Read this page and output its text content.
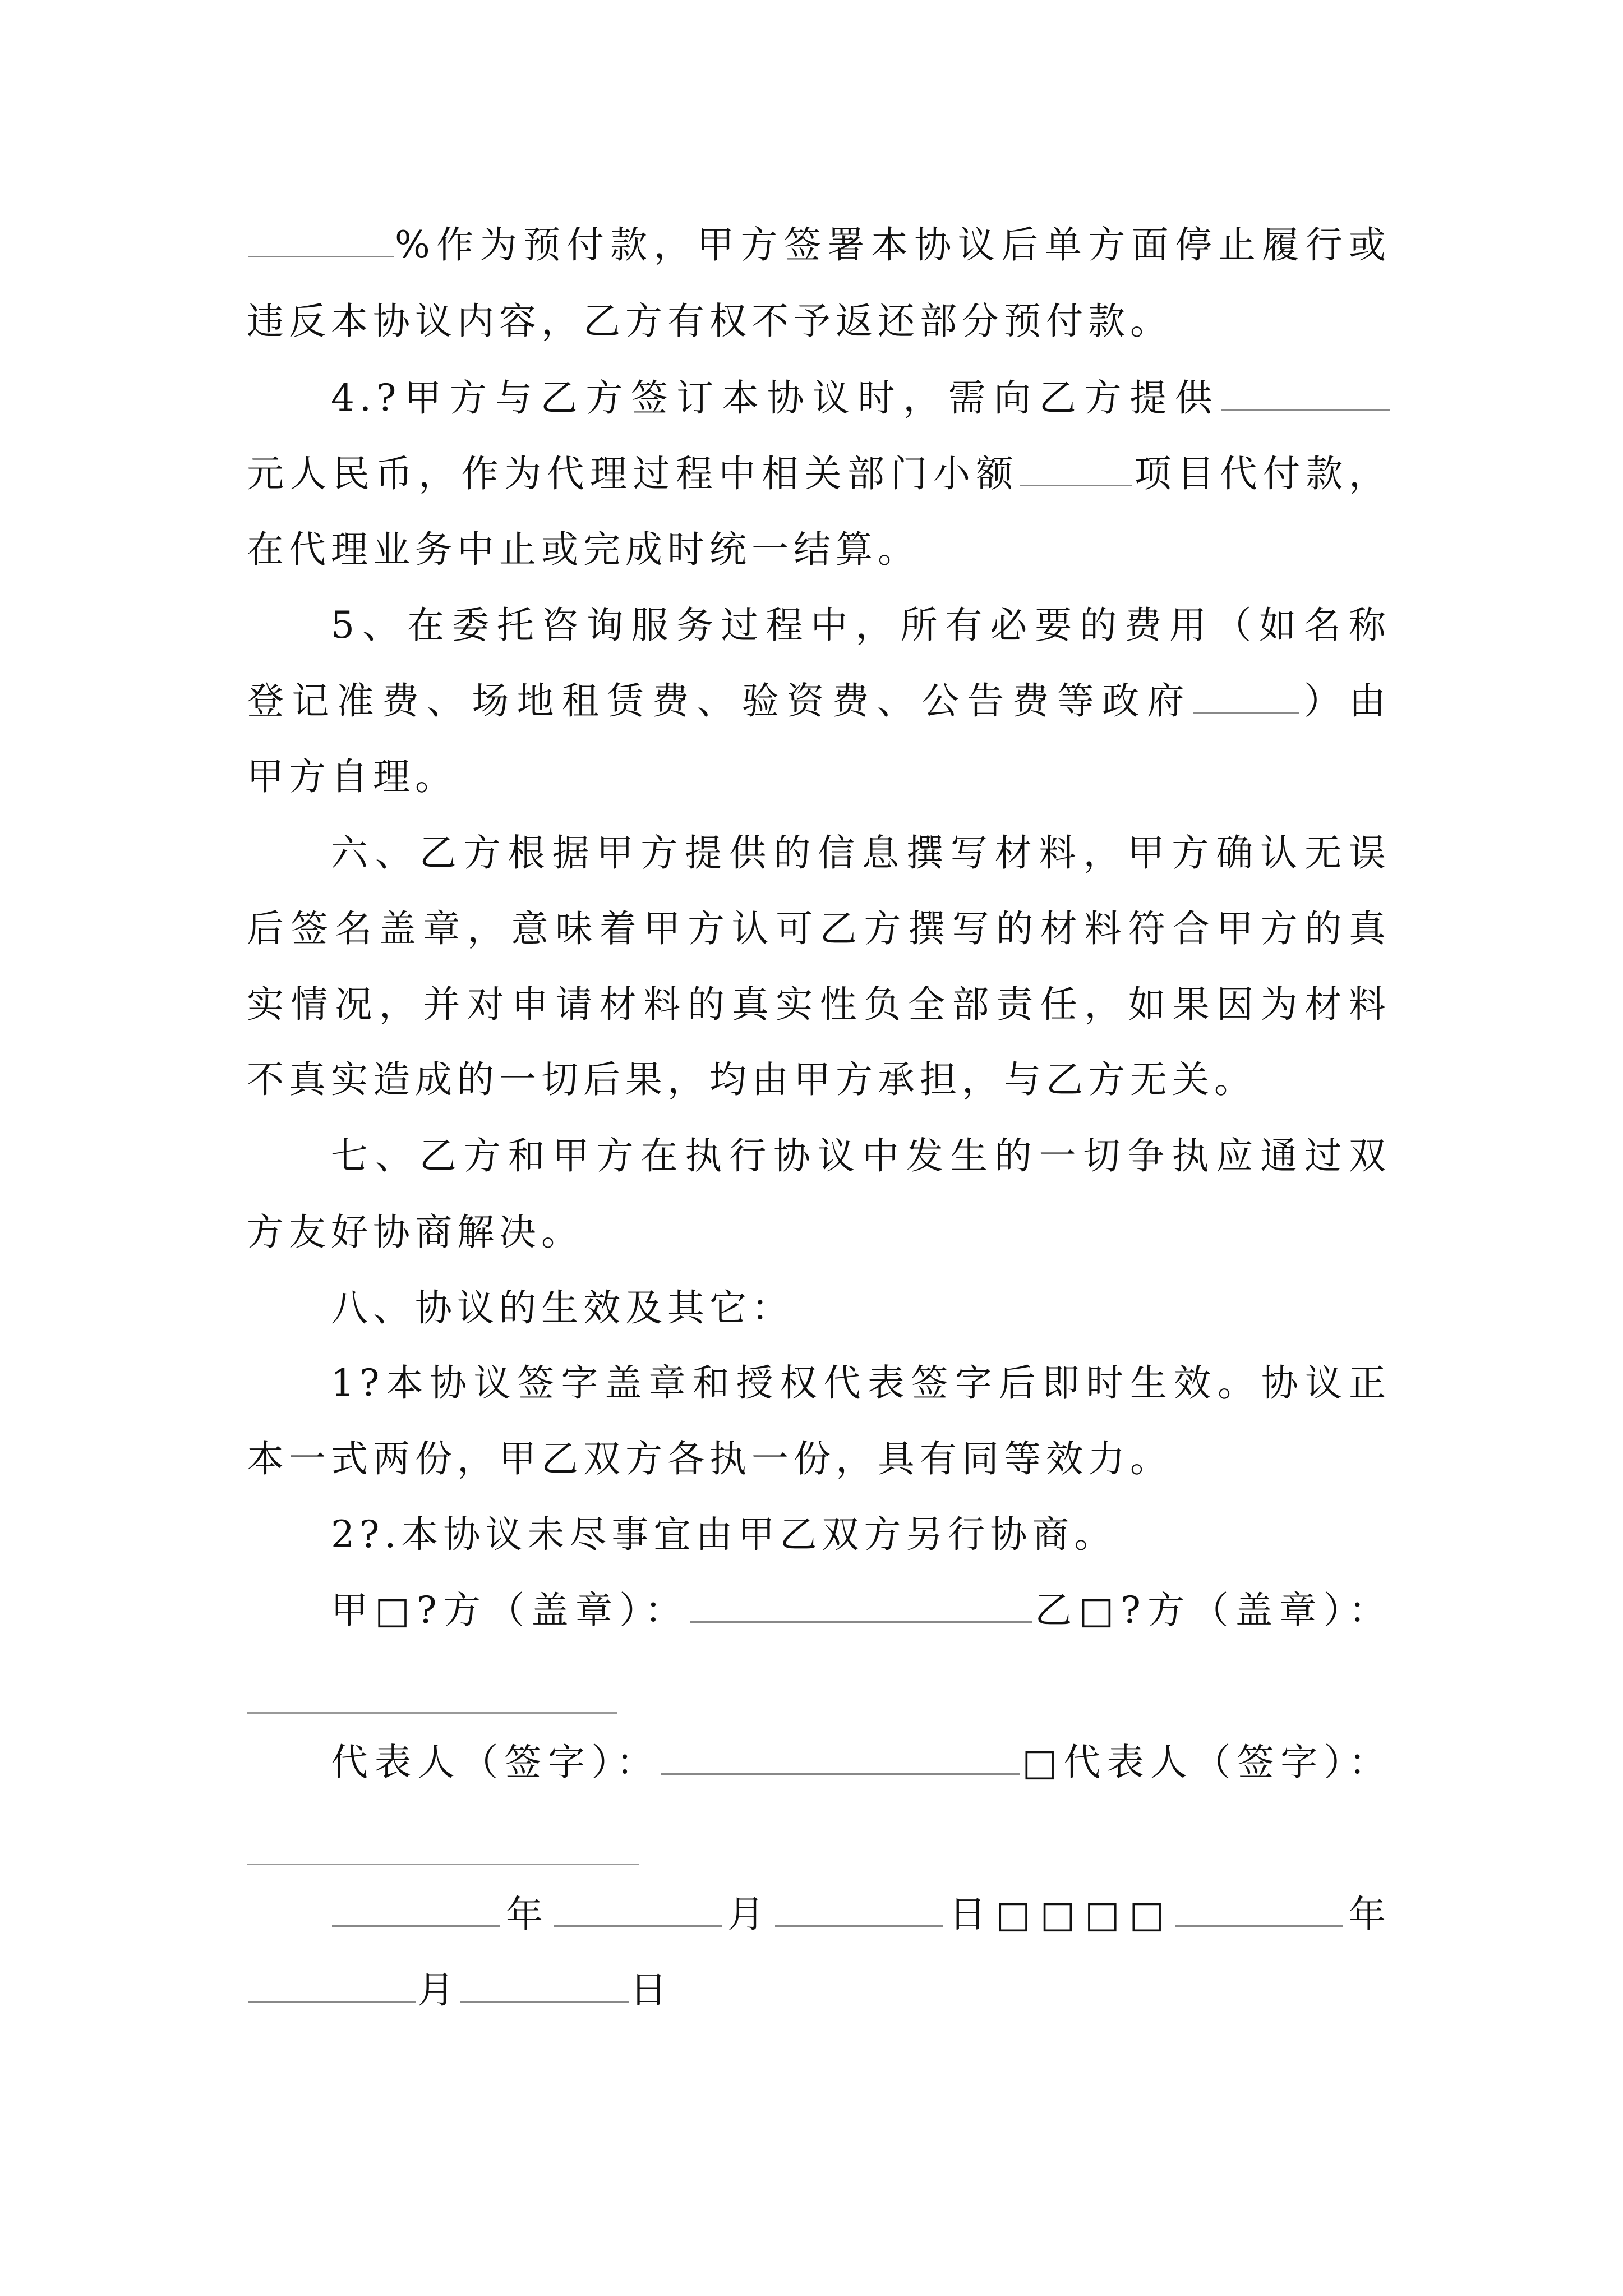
%作为预付款，甲方签署本协议后单方面停止履行或
违反本协议内容，乙方有权不予返还部分预付款。
4.?甲方与乙方签订本协议时，需向乙方提供
元人民币，作为代理过程中相关部门小额	项目代付款，
在代理业务中止或完成时统一结算。
5、在委托咨询服务过程中，所有必要的费用（如名称
登记准费、场地租赁费、验资费、公告费等政府	）由
甲方自理。
六、乙方根据甲方提供的信息撰写材料，甲方确认无误
后签名盖章，意味着甲方认可乙方撰写的材料符合甲方的真
实情况，并对申请材料的真实性负全部责任，如果因为材料
不真实造成的一切后果，均由甲方承担，与乙方无关。
七、乙方和甲方在执行协议中发生的一切争执应通过双
方友好协商解决。
八、协议的生效及其它：
1?本协议签字盖章和授权代表签字后即时生效。协议正
本一式两份，甲乙双方各执一份，具有同等效力。
2?.本协议未尽事宜由甲乙双方另行协商。
甲□?方（盖章）：	乙□?方（盖章）：
代表人（签字）：	□代表人（签字）：
年	月	日□□□□	年
月	日
